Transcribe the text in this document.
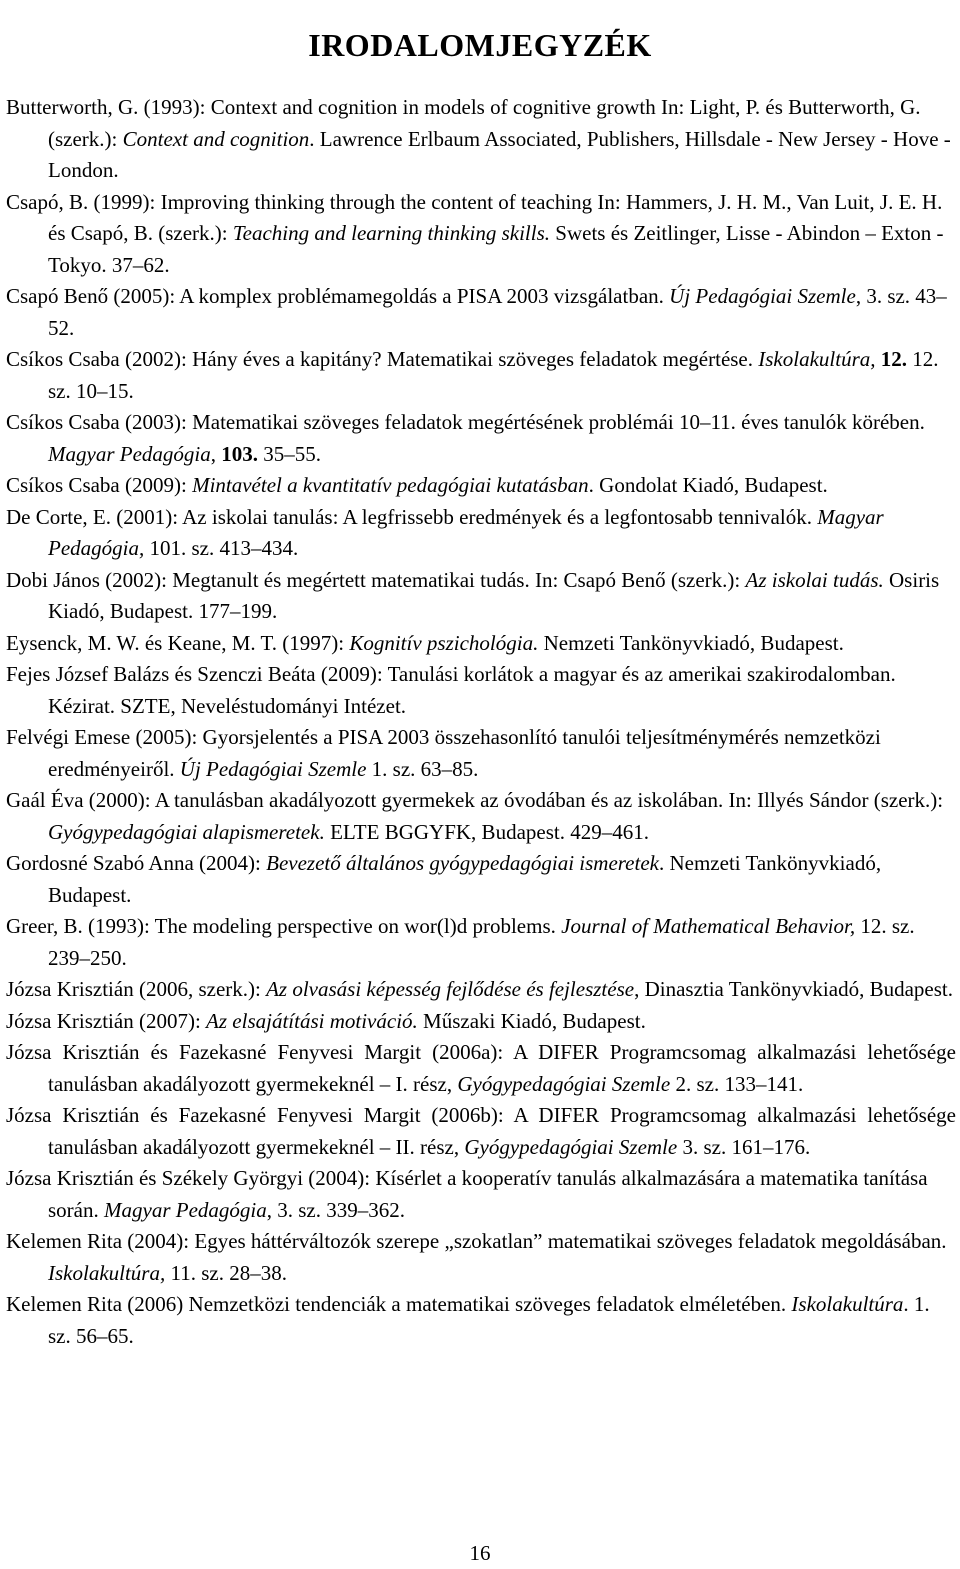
IRODALOMJEGYZÉK
Butterworth, G. (1993): Context and cognition in models of cognitive growth In: Light, P. és Butterworth, G. (szerk.): Context and cognition. Lawrence Erlbaum Associated, Publishers, Hillsdale - New Jersey - Hove - London.
Csapó, B. (1999): Improving thinking through the content of teaching In: Hammers, J. H. M., Van Luit, J. E. H. és Csapó, B. (szerk.): Teaching and learning thinking skills. Swets és Zeitlinger, Lisse - Abindon – Exton - Tokyo. 37–62.
Csapó Benő (2005): A komplex problémamegoldás a PISA 2003 vizsgálatban. Új Pedagógiai Szemle, 3. sz. 43–52.
Csíkos Csaba (2002): Hány éves a kapitány? Matematikai szöveges feladatok megértése. Iskolakultúra, 12. 12. sz. 10–15.
Csíkos Csaba (2003): Matematikai szöveges feladatok megértésének problémái 10–11. éves tanulók körében. Magyar Pedagógia, 103. 35–55.
Csíkos Csaba (2009): Mintavétel a kvantitatív pedagógiai kutatásban. Gondolat Kiadó, Budapest.
De Corte, E. (2001): Az iskolai tanulás: A legfrissebb eredmények és a legfontosabb tennivalók. Magyar Pedagógia, 101. sz. 413–434.
Dobi János (2002): Megtanult és megértett matematikai tudás. In: Csapó Benő (szerk.): Az iskolai tudás. Osiris Kiadó, Budapest. 177–199.
Eysenck, M. W. és Keane, M. T. (1997): Kognitív pszichológia. Nemzeti Tankönyvkiadó, Budapest.
Fejes József Balázs és Szenczi Beáta (2009): Tanulási korlátok a magyar és az amerikai szakirodalomban. Kézirat. SZTE, Neveléstudományi Intézet.
Felvégi Emese (2005): Gyorsjelentés a PISA 2003 összehasonlító tanulói teljesítménymérés nemzetközi eredményeiről. Új Pedagógiai Szemle 1. sz. 63–85.
Gaál Éva (2000): A tanulásban akadályozott gyermekek az óvodában és az iskolában. In: Illyés Sándor (szerk.): Gyógypedagógiai alapismeretek. ELTE BGGYFK, Budapest. 429–461.
Gordosné Szabó Anna (2004): Bevezető általános gyógypedagógiai ismeretek. Nemzeti Tankönyvkiadó, Budapest.
Greer, B. (1993): The modeling perspective on wor(l)d problems. Journal of Mathematical Behavior, 12. sz. 239–250.
Józsa Krisztián (2006, szerk.): Az olvasási képesség fejlődése és fejlesztése, Dinasztia Tankönyvkiadó, Budapest.
Józsa Krisztián (2007): Az elsajátítási motiváció. Műszaki Kiadó, Budapest.
Józsa Krisztián és Fazekasné Fenyvesi Margit (2006a): A DIFER Programcsomag alkalmazási lehetősége tanulásban akadályozott gyermekeknél – I. rész, Gyógypedagógiai Szemle 2. sz. 133–141.
Józsa Krisztián és Fazekasné Fenyvesi Margit (2006b): A DIFER Programcsomag alkalmazási lehetősége tanulásban akadályozott gyermekeknél – II. rész, Gyógypedagógiai Szemle 3. sz. 161–176.
Józsa Krisztián és Székely Györgyi (2004): Kísérlet a kooperatív tanulás alkalmazására a matematika tanítása során. Magyar Pedagógia, 3. sz. 339–362.
Kelemen Rita (2004): Egyes háttérváltozók szerepe „szokatlan” matematikai szöveges feladatok megoldásában. Iskolakultúra, 11. sz. 28–38.
Kelemen Rita (2006) Nemzetközi tendenciák a matematikai szöveges feladatok elméletében. Iskolakultúra. 1. sz. 56–65.
16
